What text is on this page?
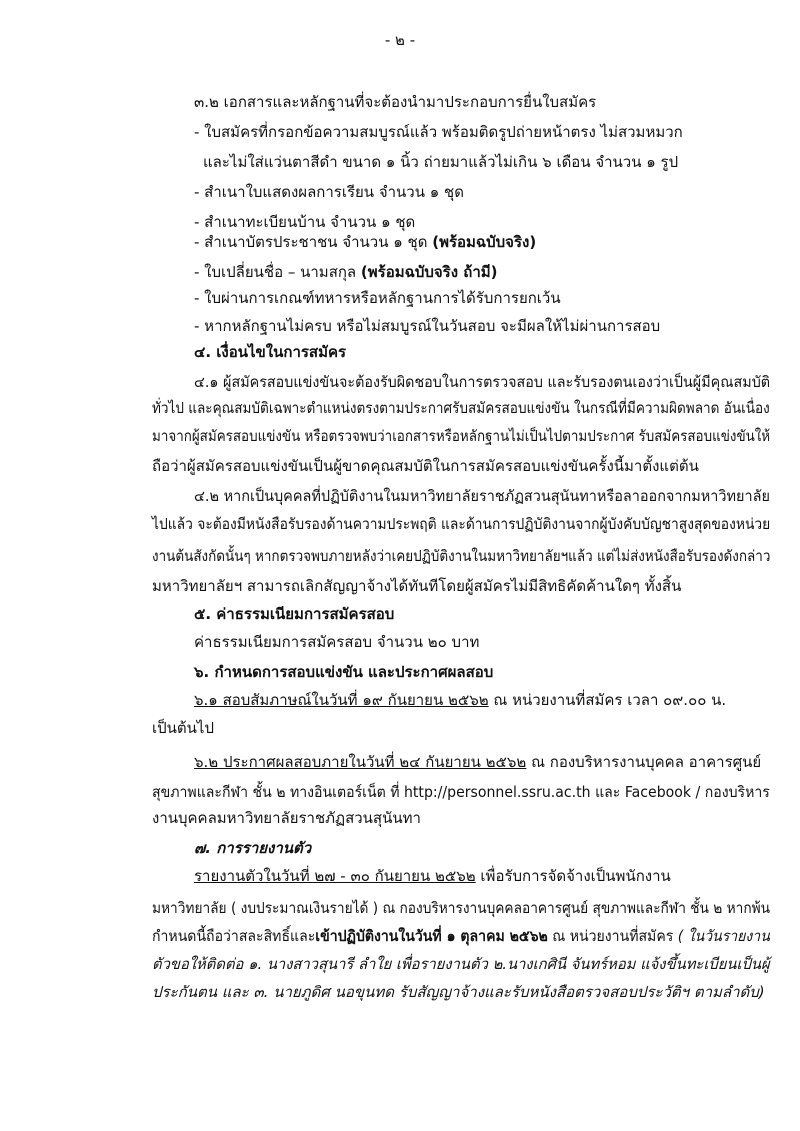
- ๒ -
๓.๒ เอกสารและหลักฐานที่จะต้องนำมาประกอบการยื่นใบสมัคร
- ใบสมัครที่กรอกข้อความสมบูรณ์แล้ว พร้อมติดรูปถ่ายหน้าตรง ไม่สวมหมวก
และไม่ใส่แว่นตาสีดำ ขนาด ๑ นิ้ว ถ่ายมาแล้วไม่เกิน ๖ เดือน จำนวน ๑ รูป
- สำเนาใบแสดงผลการเรียน จำนวน ๑ ชุด
- สำเนาทะเบียนบ้าน จำนวน ๑ ชุด
- สำเนาบัตรประชาชน จำนวน ๑ ชุด (พร้อมฉบับจริง)
- ใบเปลี่ยนชื่อ – นามสกุล (พร้อมฉบับจริง ถ้ามี)
- ใบผ่านการเกณฑ์ทหารหรือหลักฐานการได้รับการยกเว้น
- หากหลักฐานไม่ครบ หรือไม่สมบูรณ์ในวันสอบ จะมีผลให้ไม่ผ่านการสอบ
๔. เงื่อนไขในการสมัคร
๔.๑ ผู้สมัครสอบแข่งขันจะต้องรับผิดชอบในการตรวจสอบ และรับรองตนเองว่าเป็นผู้มีคุณสมบัติ
ทั่วไป และคุณสมบัติเฉพาะตำแหน่งตรงตามประกาศรับสมัครสอบแข่งขัน ในกรณีที่มีความผิดพลาด อันเนื่อง
มาจากผู้สมัครสอบแข่งขัน หรือตรวจพบว่าเอกสารหรือหลักฐานไม่เป็นไปตามประกาศ รับสมัครสอบแข่งขันให้
ถือว่าผู้สมัครสอบแข่งขันเป็นผู้ขาดคุณสมบัติในการสมัครสอบแข่งขันครั้งนี้มาตั้งแต่ต้น
๔.๒ หากเป็นบุคคลที่ปฏิบัติงานในมหาวิทยาลัยราชภัฏสวนสุนันทาหรือลาออกจากมหาวิทยาลัย
ไปแล้ว จะต้องมีหนังสือรับรองด้านความประพฤติ และด้านการปฏิบัติงานจากผู้บังคับบัญชาสูงสุดของหน่วย
งานต้นสังกัดนั้นๆ หากตรวจพบภายหลังว่าเคยปฏิบัติงานในมหาวิทยาลัยฯแล้ว แต่ไม่ส่งหนังสือรับรองดังกล่าว
มหาวิทยาลัยฯ สามารถเลิกสัญญาจ้างได้ทันทีโดยผู้สมัครไม่มีสิทธิคัดค้านใดๆ ทั้งสิ้น
๕. ค่าธรรมเนียมการสมัครสอบ
ค่าธรรมเนียมการสมัครสอบ จำนวน ๒๐ บาท
๖. กำหนดการสอบแข่งขัน และประกาศผลสอบ
๖.๑ สอบสัมภาษณ์ในวันที่ ๑๙ กันยายน ๒๕๖๒ ณ หน่วยงานที่สมัคร เวลา ๐๙.๐๐ น.
เป็นต้นไป
๖.๒ ประกาศผลสอบภายในวันที่ ๒๔ กันยายน ๒๕๖๒ ณ กองบริหารงานบุคคล อาคารศูนย์
สุขภาพและกีฬา ชั้น ๒ ทางอินเตอร์เน็ต ที่ http://personnel.ssru.ac.th และ Facebook / กองบริหาร
งานบุคคลมหาวิทยาลัยราชภัฏสวนสุนันทา
๗. การรายงานตัว
รายงานตัวในวันที่ ๒๗ - ๓๐ กันยายน ๒๕๖๒ เพื่อรับการจัดจ้างเป็นพนักงาน
มหาวิทยาลัย ( งบประมาณเงินรายได้ ) ณ กองบริหารงานบุคคลอาคารศูนย์ สุขภาพและกีฬา ชั้น ๒ หากพ้น
กำหนดนี้ถือว่าสละสิทธิ์และเข้าปฏิบัติงานในวันที่ ๑ ตุลาคม ๒๕๖๒ ณ หน่วยงานที่สมัคร ( ในวันรายงาน
ตัวขอให้ติดต่อ ๑. นางสาวสุนารี ลำใย เพื่อรายงานตัว ๒.นางเกศินี จันทร์หอม แจ้งขึ้นทะเบียนเป็นผู้
ประกันตน และ ๓. นายภูดิศ นอขุนทด รับสัญญาจ้างและรับหนังสือตรวจสอบประวัติฯ ตามลำดับ)
